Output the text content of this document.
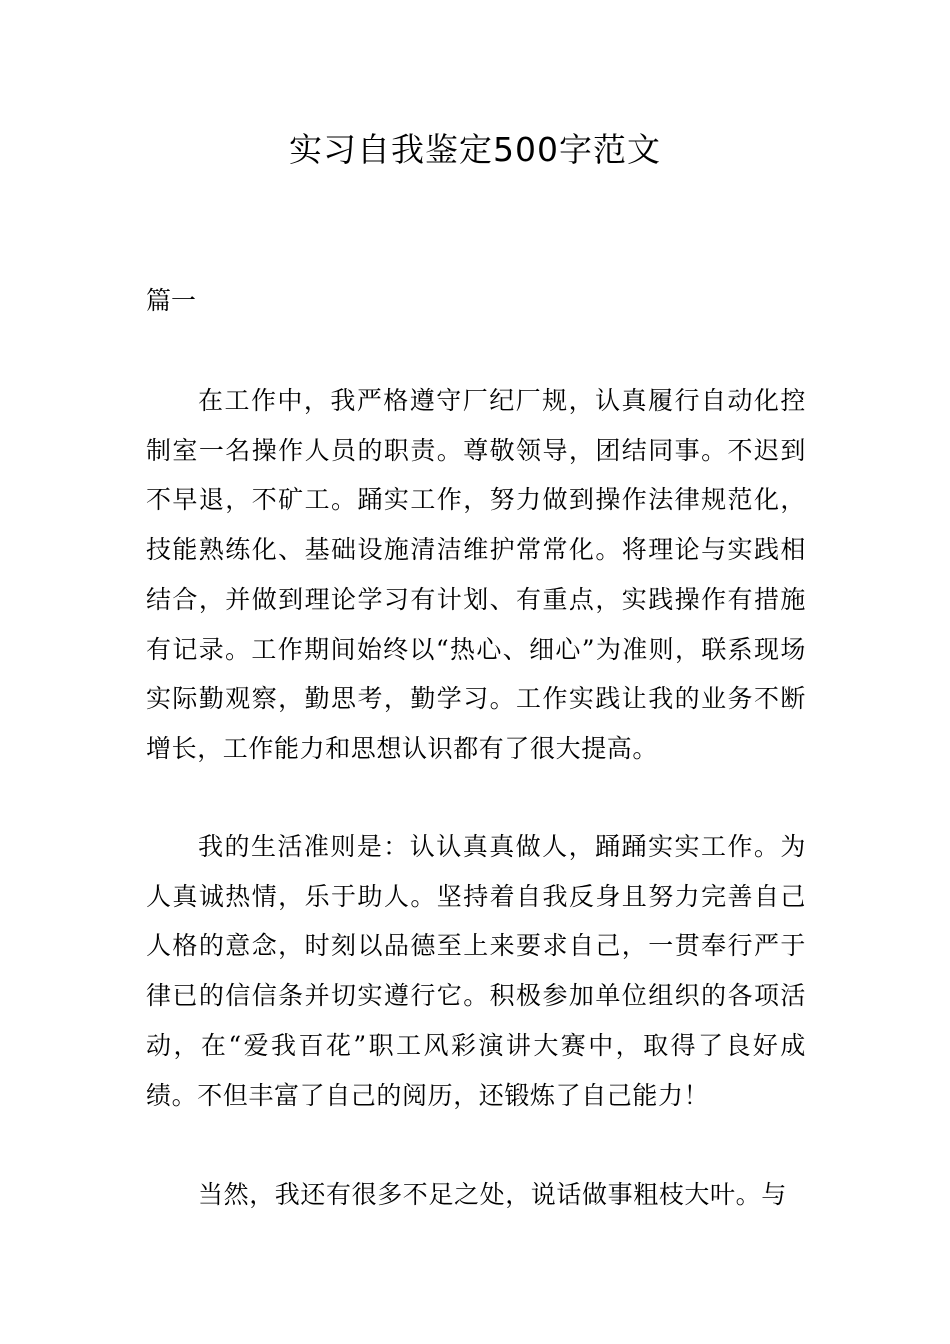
实习自我鉴定500字范文

篇一

在工作中，我严格遵守厂纪厂规，认真履行自动化控制室一名操作人员的职责。尊敬领导，团结同事。不迟到不早退，不矿工。踊实工作，努力做到操作法律规范化，技能熟练化、基础设施清洁维护常常化。将理论与实践相结合，并做到理论学习有计划、有重点，实践操作有措施有记录。工作期间始终以“热心、细心”为准则，联系现场实际勤观察，勤思考，勤学习。工作实践让我的业务不断增长，工作能力和思想认识都有了很大提高。

我的生活准则是：认认真真做人，踊踊实实工作。为人真诚热情，乐于助人。坚持着自我反身且努力完善自己人格的意念，时刻以品德至上来要求自己，一贯奉行严于律已的信信条并切实遵行它。积极参加单位组织的各项活动，在“爱我百花”职工风彩演讲大赛中，取得了良好成绩。不但丰富了自己的阅历，还锻炼了自己能力！

当然，我还有很多不足之处，说话做事粗枝大叶。与
